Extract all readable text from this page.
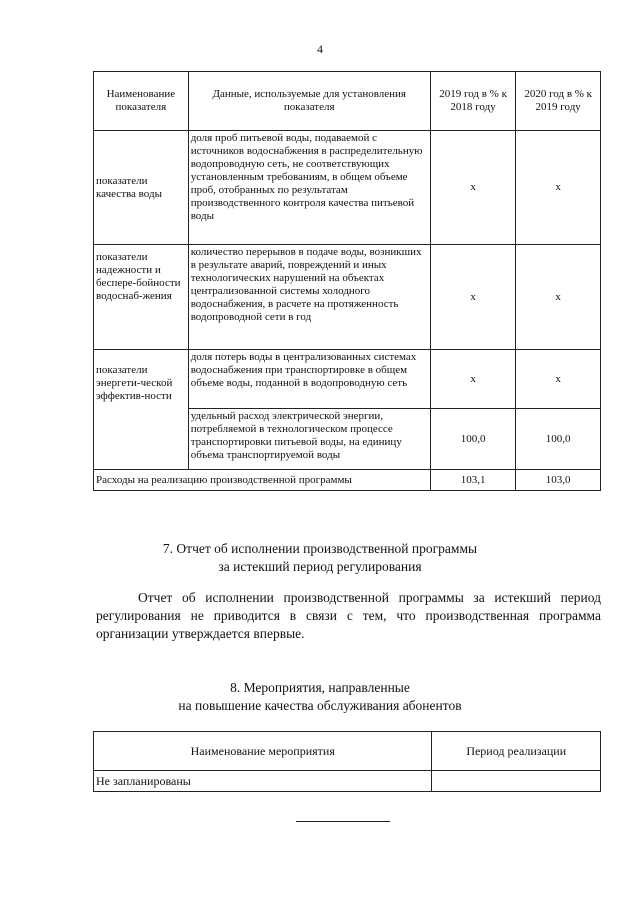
4
Наименование показателя	Данные, используемые для установления показателя	2019 год в % к 2018 году	2020 год в % к 2019 году
показатели качества воды	доля проб питьевой воды, подаваемой с источников водоснабжения в распределительную водопроводную сеть, не соответствующих установленным требованиям, в общем объеме проб, отобранных по результатам производственного контроля качества питьевой воды	х	х
показатели надежности и беспере-бойности водоснаб-жения	количество перерывов в подаче воды, возникших в результате аварий, повреждений и иных технологических нарушений на объектах централизованной системы холодного водоснабжения, в расчете на протяженность водопроводной сети в год	х	х
показатели энергети-ческой эффектив-ности	доля потерь воды в централизованных системах водоснабжения при транспортировке в общем объеме воды, поданной в водопроводную сеть	х	х
	удельный расход электрической энергии, потребляемой в технологическом процессе транспортировки питьевой воды, на единицу объема транспортируемой воды	100,0	100,0
Расходы на реализацию производственной программы		103,1	103,0
7. Отчет об исполнении производственной программы
за истекший период регулирования
Отчет об исполнении производственной программы за истекший период регулирования не приводится в связи с тем, что производственная программа организации утверждается впервые.
8. Мероприятия, направленные
на повышение качества обслуживания абонентов
Наименование мероприятия	Период реализации
Не запланированы	
